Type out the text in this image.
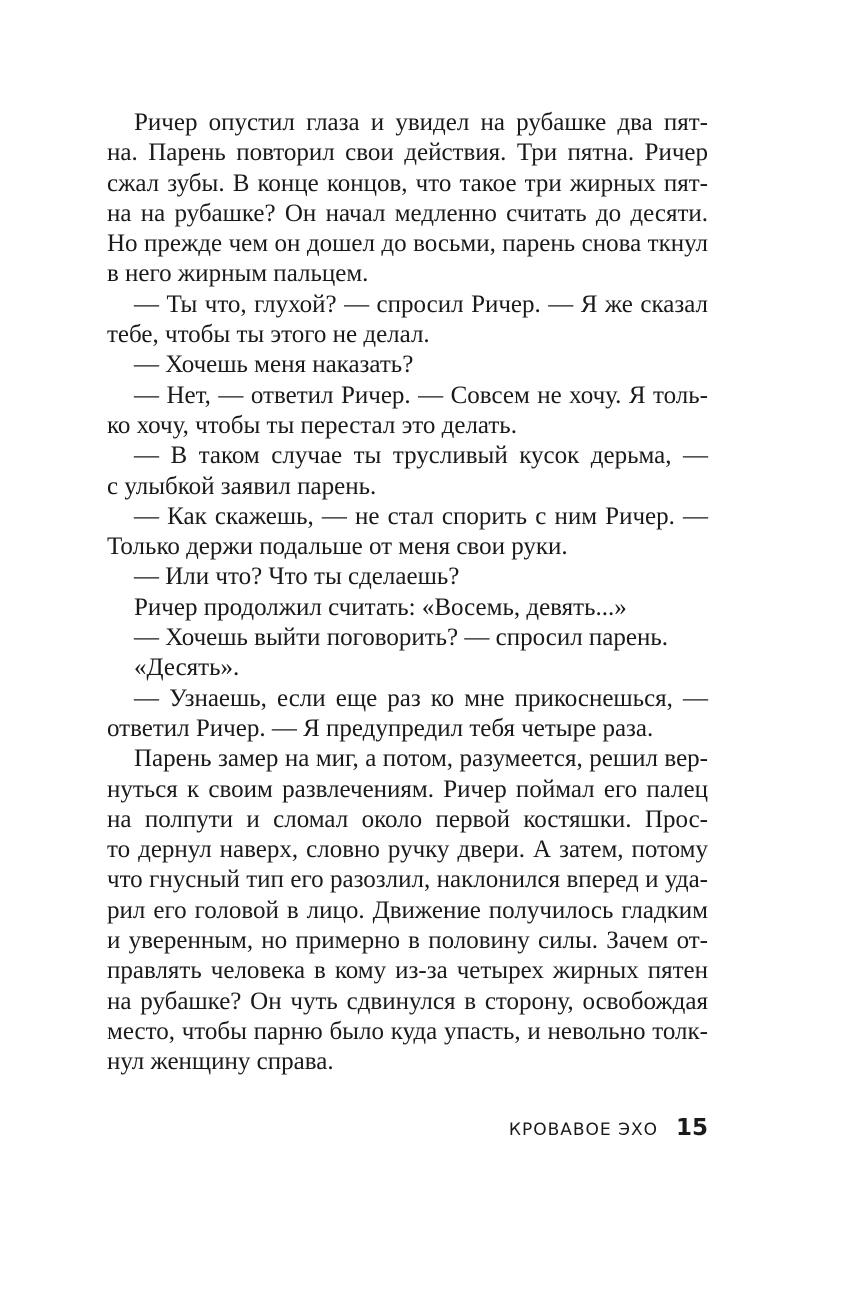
Ричер опустил глаза и увидел на рубашке два пят-
на. Парень повторил свои действия. Три пятна. Ричер
сжал зубы. В конце концов, что такое три жирных пят-
на на рубашке? Он начал медленно считать до десяти.
Но прежде чем он дошел до восьми, парень снова ткнул
в него жирным пальцем.
— Ты что, глухой? — спросил Ричер. — Я же сказал
тебе, чтобы ты этого не делал.
— Хочешь меня наказать?
— Нет, — ответил Ричер. — Совсем не хочу. Я толь-
ко хочу, чтобы ты перестал это делать.
— В таком случае ты трусливый кусок дерьма, —
с улыбкой заявил парень.
— Как скажешь, — не стал спорить с ним Ричер. —
Только держи подальше от меня свои руки.
— Или что? Что ты сделаешь?
Ричер продолжил считать: «Восемь, девять...»
— Хочешь выйти поговорить? — спросил парень.
«Десять».
— Узнаешь, если еще раз ко мне прикоснешься, —
ответил Ричер. — Я предупредил тебя четыре раза.
Парень замер на миг, а потом, разумеется, решил вер-
нуться к своим развлечениям. Ричер поймал его палец
на полпути и сломал около первой костяшки. Прос-
то дернул наверх, словно ручку двери. А затем, потому
что гнусный тип его разозлил, наклонился вперед и уда-
рил его головой в лицо. Движение получилось гладким
и уверенным, но примерно в половину силы. Зачем от-
правлять человека в кому из-за четырех жирных пятен
на рубашке? Он чуть сдвинулся в сторону, освобождая
место, чтобы парню было куда упасть, и невольно толк-
нул женщину справа.
КРОВАВОЕ ЭХО 15
